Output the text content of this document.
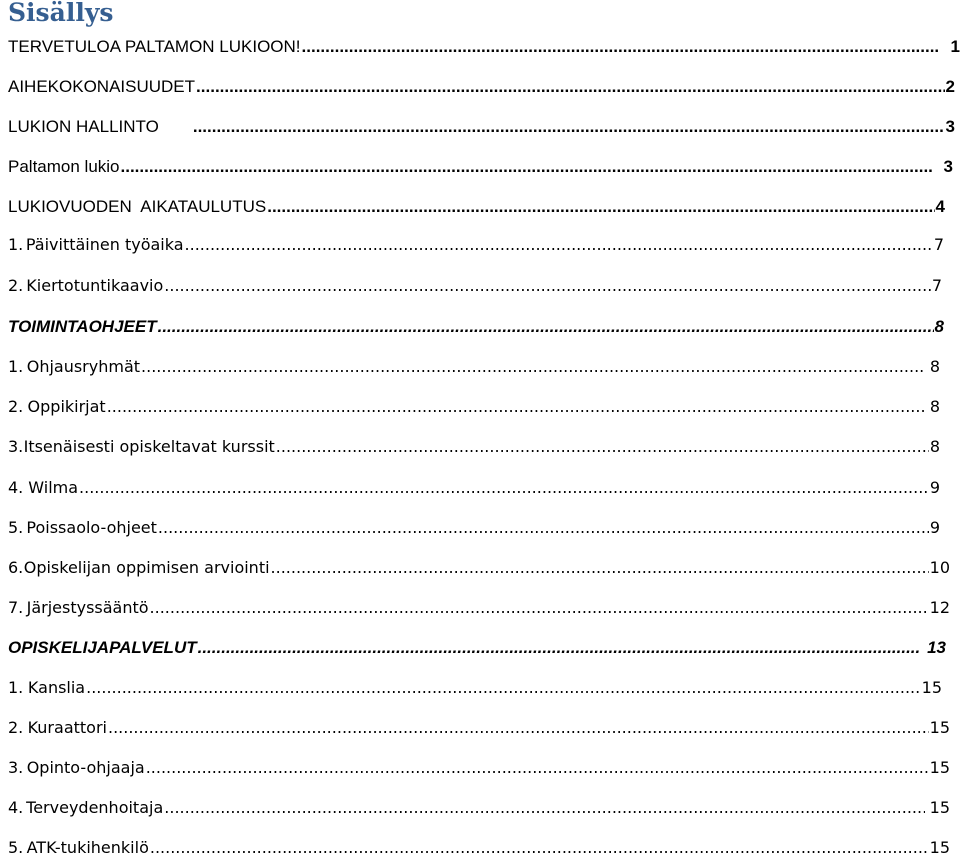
Sisällys
TERVETULOA PALTAMON LUKIOON! .....	1
AIHEKOKONAISUUDET .....	2
LUKION HALLINTO .....	3
Paltamon lukio .....	3
LUKIOVUODEN  AIKATAULUTUS .....	4
1. Päivittäinen työaika .....	7
2. Kiertotuntikaavio .....	7
TOIMINTAOHJEET .....	8
1. Ohjausryhmät .....	8
2. Oppikirjat .....	8
3. Itsenäisesti opiskeltavat kurssit .....	8
4. Wilma .....	9
5. Poissaolo-ohjeet .....	9
6. Opiskelijan oppimisen arviointi .....	10
7. Järjestyssääntö .....	12
OPISKELIJAPALVELUT .....	13
1. Kanslia .....	15
2. Kuraattori .....	15
3. Opinto-ohjaaja .....	15
4. Terveydenhoitaja .....	15
5. ATK-tukihenkilö .....	15
